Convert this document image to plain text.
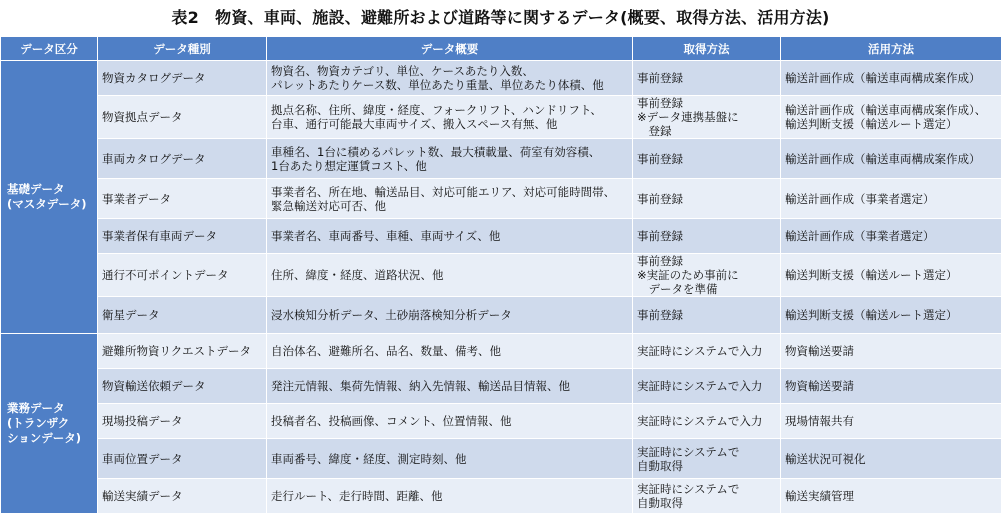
表2　物資、車両、施設、避難所および道路等に関するデータ(概要、取得方法、活用方法)
データ区分	データ種別	データ概要	取得方法	活用方法

基礎データ
(マスタデータ)	物資カタログデータ	物資名、物資カテゴリ、単位、ケースあたり入数、
パレットあたりケース数、単位あたり重量、単位あたり体積、他	事前登録	輸送計画作成（輸送車両構成案作成）

	物資拠点データ	拠点名称、住所、緯度・経度、フォークリフト、ハンドリフト、
台車、通行可能最大車両サイズ、搬入スペース有無、他	事前登録
※データ連携基盤に
　登録	輸送計画作成（輸送車両構成案作成）、
輸送判断支援（輸送ルート選定）

	車両カタログデータ	車種名、1台に積めるパレット数、最大積載量、荷室有効容積、
1台あたり想定運賃コスト、他	事前登録	輸送計画作成（輸送車両構成案作成）

	事業者データ	事業者名、所在地、輸送品目、対応可能エリア、対応可能時間帯、
緊急輸送対応可否、他	事前登録	輸送計画作成（事業者選定）

	事業者保有車両データ	事業者名、車両番号、車種、車両サイズ、他	事前登録	輸送計画作成（事業者選定）

	通行不可ポイントデータ	住所、緯度・経度、道路状況、他	事前登録
※実証のため事前に
　データを準備	輸送判断支援（輸送ルート選定）

	衛星データ	浸水検知分析データ、土砂崩落検知分析データ	事前登録	輸送判断支援（輸送ルート選定）

業務データ
(トランザク
ションデータ)	避難所物資リクエストデータ	自治体名、避難所名、品名、数量、備考、他	実証時にシステムで入力	物資輸送要請

	物資輸送依頼データ	発注元情報、集荷先情報、納入先情報、輸送品目情報、他	実証時にシステムで入力	物資輸送要請

	現場投稿データ	投稿者名、投稿画像、コメント、位置情報、他	実証時にシステムで入力	現場情報共有

	車両位置データ	車両番号、緯度・経度、測定時刻、他	実証時にシステムで
自動取得	輸送状況可視化

	輸送実績データ	走行ルート、走行時間、距離、他	実証時にシステムで
自動取得	輸送実績管理
